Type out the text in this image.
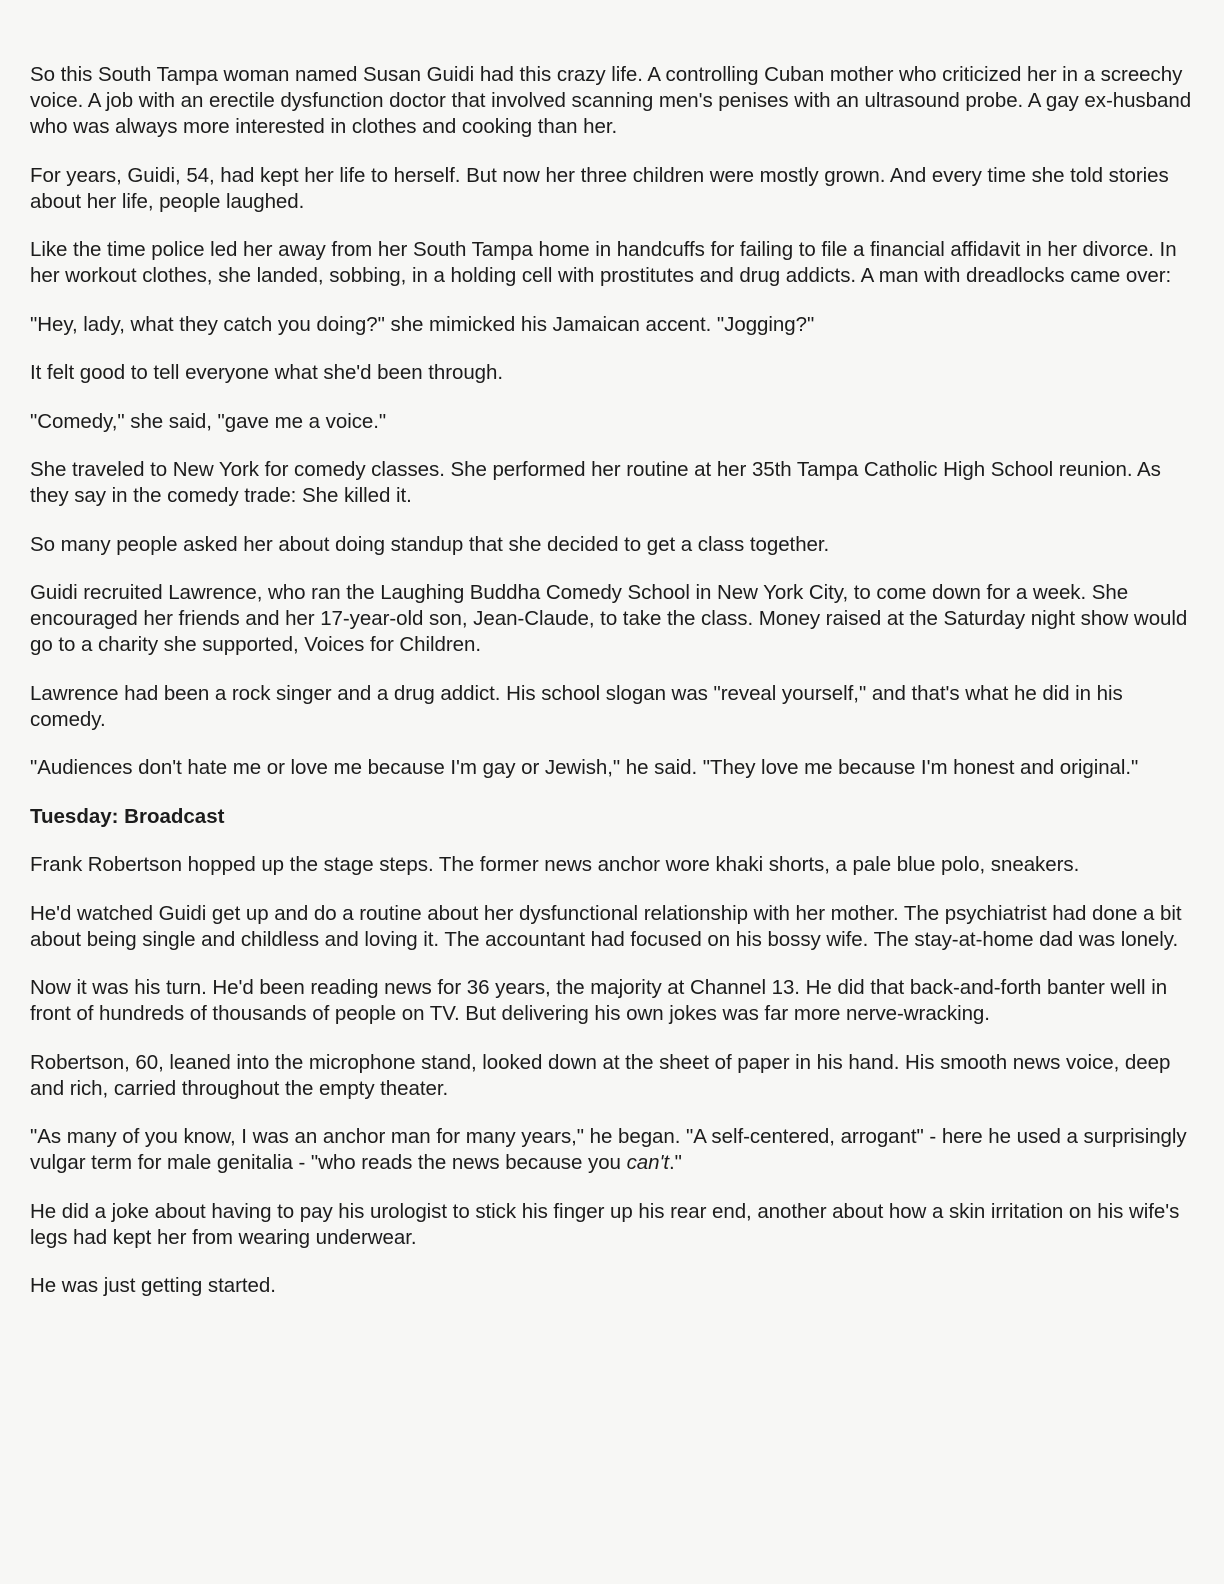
So this South Tampa woman named Susan Guidi had this crazy life. A controlling Cuban mother who criticized her in a screechy voice. A job with an erectile dysfunction doctor that involved scanning men's penises with an ultrasound probe. A gay ex-husband who was always more interested in clothes and cooking than her.

For years, Guidi, 54, had kept her life to herself. But now her three children were mostly grown. And every time she told stories about her life, people laughed.

Like the time police led her away from her South Tampa home in handcuffs for failing to file a financial affidavit in her divorce. In her workout clothes, she landed, sobbing, in a holding cell with prostitutes and drug addicts. A man with dreadlocks came over:

"Hey, lady, what they catch you doing?" she mimicked his Jamaican accent. "Jogging?"

It felt good to tell everyone what she'd been through.

"Comedy," she said, "gave me a voice."

She traveled to New York for comedy classes. She performed her routine at her 35th Tampa Catholic High School reunion. As they say in the comedy trade: She killed it.

So many people asked her about doing standup that she decided to get a class together.

Guidi recruited Lawrence, who ran the Laughing Buddha Comedy School in New York City, to come down for a week. She encouraged her friends and her 17-year-old son, Jean-Claude, to take the class. Money raised at the Saturday night show would go to a charity she supported, Voices for Children.

Lawrence had been a rock singer and a drug addict. His school slogan was "reveal yourself," and that's what he did in his comedy.

"Audiences don't hate me or love me because I'm gay or Jewish," he said. "They love me because I'm honest and original."

Tuesday: Broadcast

Frank Robertson hopped up the stage steps. The former news anchor wore khaki shorts, a pale blue polo, sneakers.

He'd watched Guidi get up and do a routine about her dysfunctional relationship with her mother. The psychiatrist had done a bit about being single and childless and loving it. The accountant had focused on his bossy wife. The stay-at-home dad was lonely.

Now it was his turn. He'd been reading news for 36 years, the majority at Channel 13. He did that back-and-forth banter well in front of hundreds of thousands of people on TV. But delivering his own jokes was far more nerve-wracking.

Robertson, 60, leaned into the microphone stand, looked down at the sheet of paper in his hand. His smooth news voice, deep and rich, carried throughout the empty theater.

"As many of you know, I was an anchor man for many years," he began. "A self-centered, arrogant" - here he used a surprisingly vulgar term for male genitalia - "who reads the news because you can't."

He did a joke about having to pay his urologist to stick his finger up his rear end, another about how a skin irritation on his wife's legs had kept her from wearing underwear.

He was just getting started.
